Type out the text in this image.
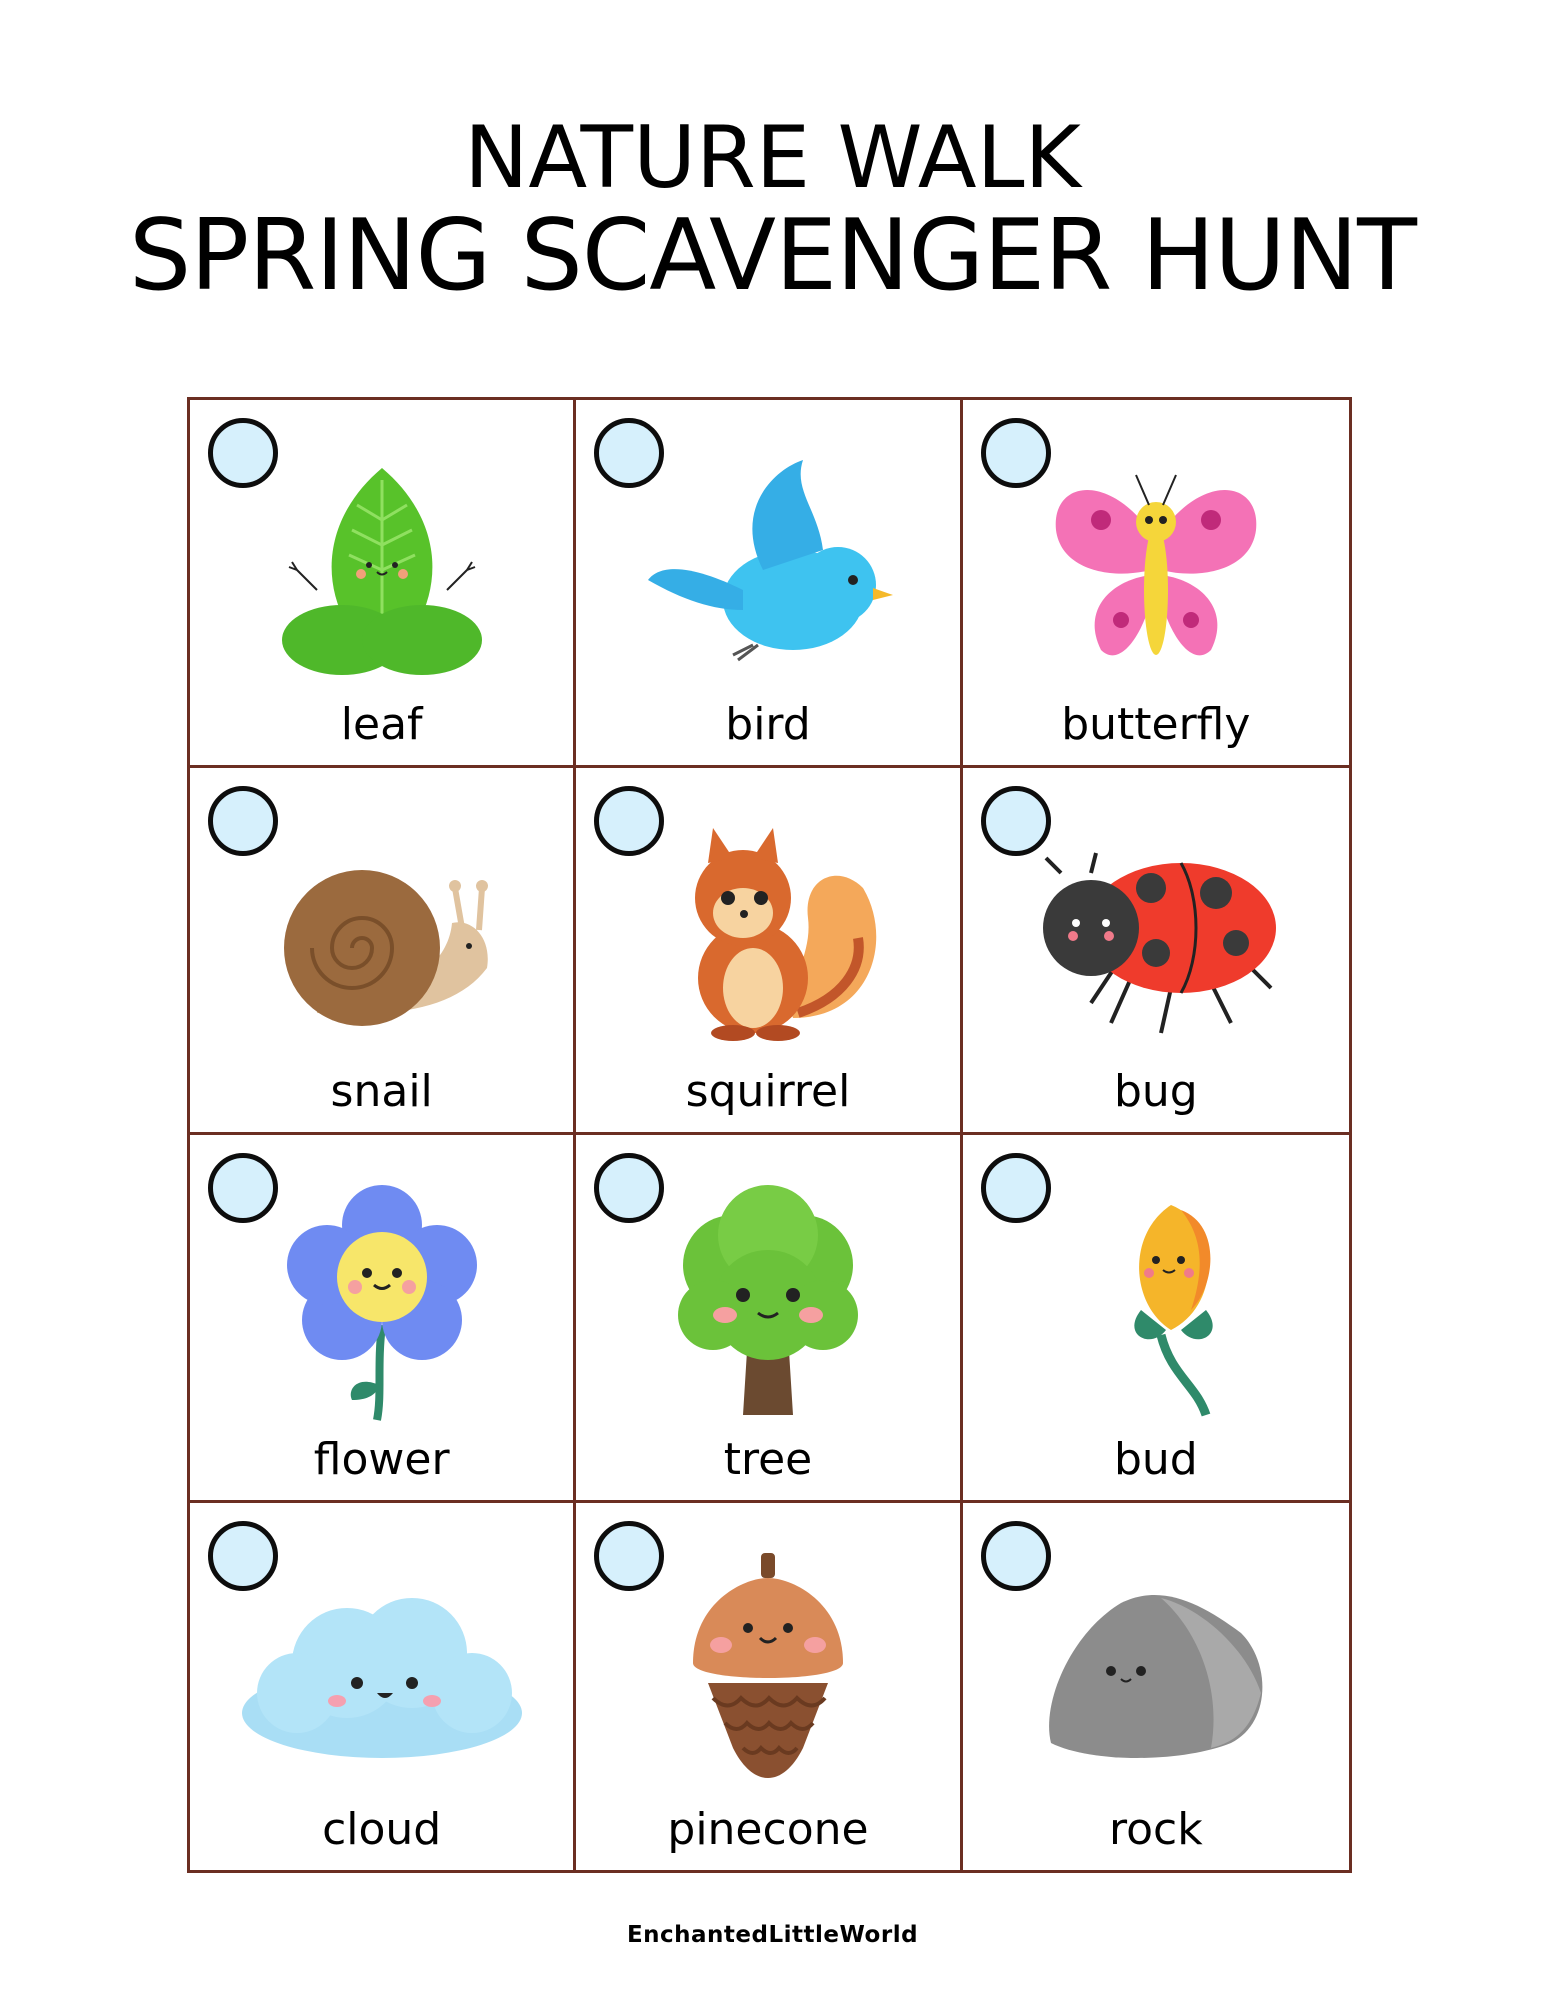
NATURE WALK
SPRING SCAVENGER HUNT
leaf	bird	butterfly
snail	squirrel	bug
flower	tree	bud
cloud	pinecone	rock
EnchantedLittleWorld
